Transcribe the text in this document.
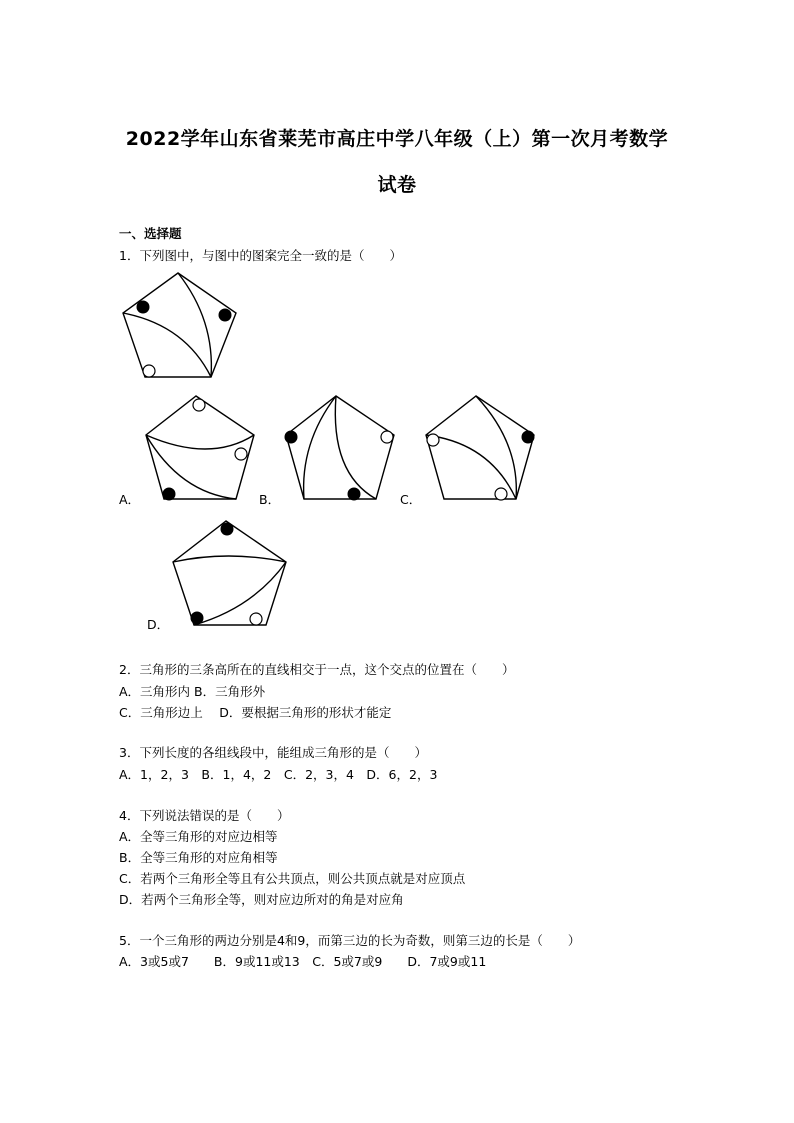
2022学年山东省莱芜市高庄中学八年级（上）第一次月考数学
试卷
一、选择题
1．下列图中，与图中的图案完全一致的是（　　）
A．	B．	C．
D．
2．三角形的三条高所在的直线相交于一点，这个交点的位置在（　　）
A．三角形内 B．三角形外
C．三角形边上　 D．要根据三角形的形状才能定
3．下列长度的各组线段中，能组成三角形的是（　　）
A．1，2，3　B．1，4，2　C．2，3，4　D．6，2，3
4．下列说法错误的是（　　）
A．全等三角形的对应边相等
B．全等三角形的对应角相等
C．若两个三角形全等且有公共顶点，则公共顶点就是对应顶点
D．若两个三角形全等，则对应边所对的角是对应角
5．一个三角形的两边分别是4和9，而第三边的长为奇数，则第三边的长是（　　）
A．3或5或7　　B．9或11或13　C．5或7或9　　D．7或9或11
